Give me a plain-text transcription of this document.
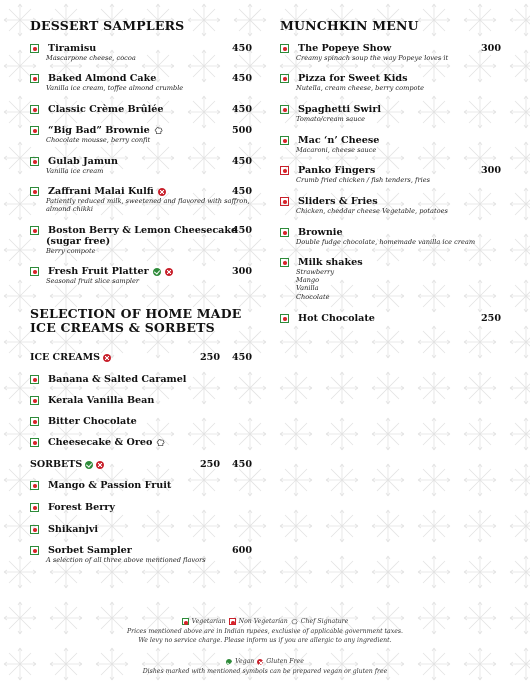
DESSERT SAMPLERS
Tiramisu
Mascarpone cheese, cocoa
450
Baked Almond Cake
Vanilla ice cream, toffee almond crumble
450
Classic Crème Brûlée	450
“Big Bad” Brownie
Chocolate mousse, berry confit
500
Gulab Jamun
Vanilla ice cream
450
Zaffrani Malai Kulfi
Patiently reduced milk, sweetened and flavored with saffron,
almond chikki
450
Boston Berry & Lemon Cheesecake
(sugar free)
Berry compote
450
Fresh Fruit Platter
Seasonal fruit slice sampler
300
SELECTION OF HOME MADE
ICE CREAMS & SORBETS
ICE CREAMS	250 450
Banana & Salted Caramel
Kerala Vanilla Bean
Bitter Chocolate
Cheesecake & Oreo
SORBETS	250 450
Mango & Passion Fruit
Forest Berry
Shikanjvi
Sorbet Sampler
A selection of all three above mentioned flavors
600
MUNCHKIN MENU
The Popeye Show
Creamy spinach soup the way Popeye loves it
300
Pizza for Sweet Kids
Nutella, cream cheese, berry compote
Spaghetti Swirl
Tomato/cream sauce
Mac ‘n’ Cheese
Macaroni, cheese sauce
Panko Fingers
Crumb fried chicken / fish tenders, fries
300
Sliders & Fries
Chicken, cheddar cheese Vegetable, potatoes
Brownie
Double fudge chocolate, homemade vanilla ice cream
Milk shakes
Strawberry
Mango
Vanilla
Chocolate
Hot Chocolate	250
Vegetarian Non Vegetarian Chef Signature
Prices mentioned above are in Indian rupees, exclusive of applicable government taxes.
We levy no service charge. Please inform us if you are allergic to any ingredient.
Vegan Gluten Free
Dishes marked with mentioned symbols can be prepared vegan or gluten free
